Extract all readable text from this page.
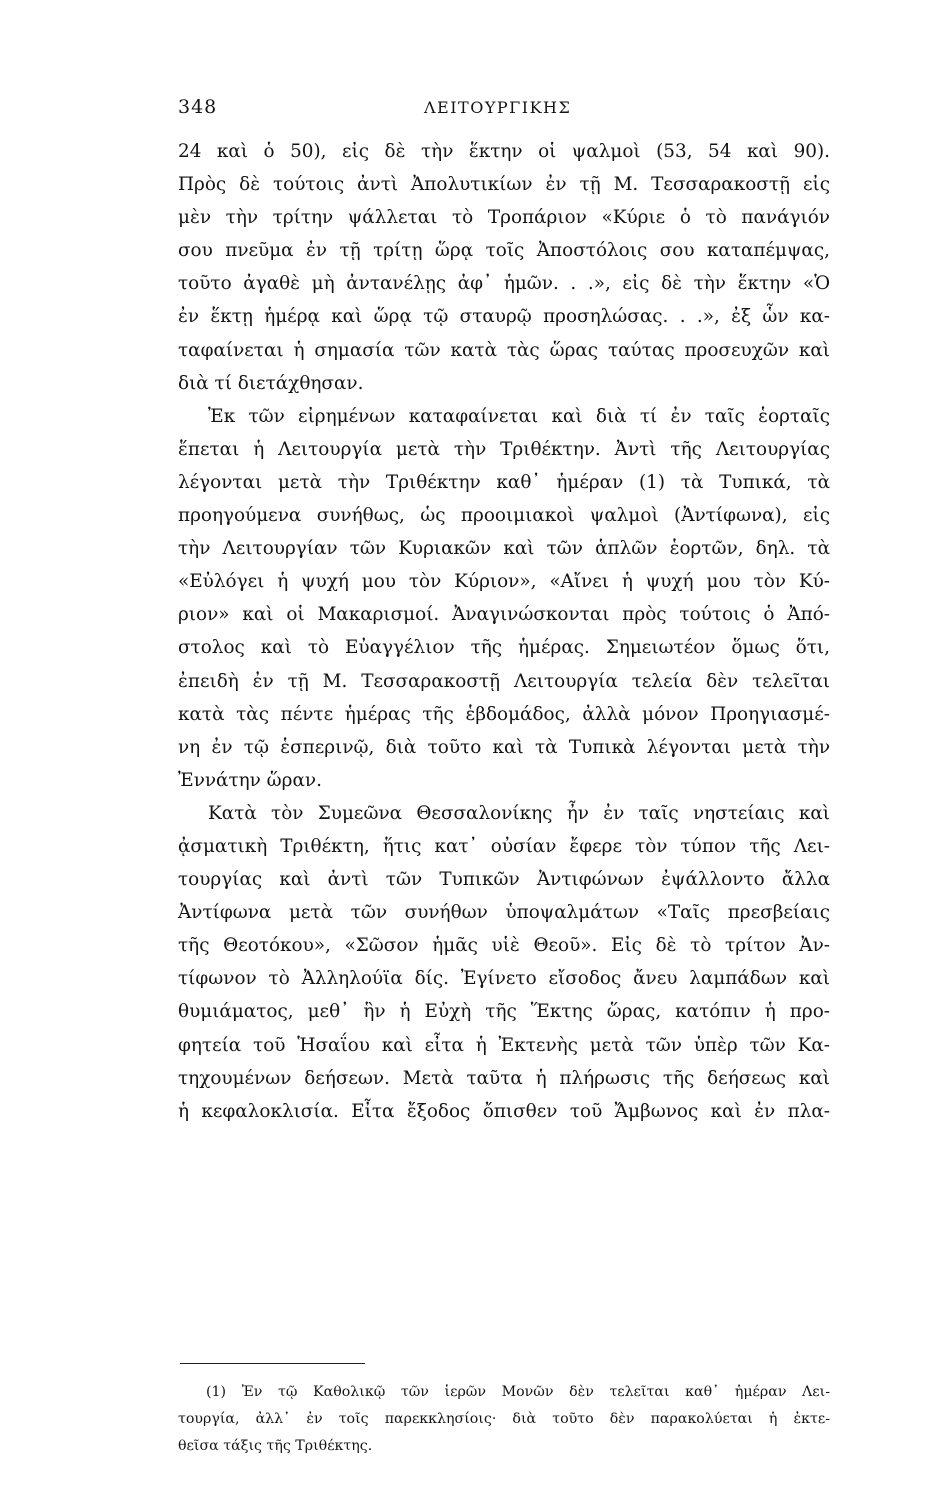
348	ΛΕΙΤΟΥΡΓΙΚΗΣ
24 καὶ ὁ 50), εἰς δὲ τὴν ἕκτην οἱ ψαλμοὶ (53, 54 καὶ 90).
Πρὸς δὲ τούτοις ἀντὶ Ἀπολυτικίων ἐν τῇ Μ. Τεσσαρακοστῇ εἰς
μὲν τὴν τρίτην ψάλλεται τὸ Τροπάριον «Κύριε ὁ τὸ πανάγιόν
σου πνεῦμα ἐν τῇ τρίτῃ ὥρᾳ τοῖς Ἀποστόλοις σου καταπέμψας,
τοῦτο ἀγαθὲ μὴ ἀντανέλῃς ἀφ᾿ ἡμῶν. . .», εἰς δὲ τὴν ἕκτην «Ὁ
ἐν ἕκτῃ ἡμέρᾳ καὶ ὥρᾳ τῷ σταυρῷ προσηλώσας. . .», ἐξ ὧν κα-
ταφαίνεται ἡ σημασία τῶν κατὰ τὰς ὥρας ταύτας προσευχῶν καὶ
διὰ τί διετάχθησαν.
Ἐκ τῶν εἰρημένων καταφαίνεται καὶ διὰ τί ἐν ταῖς ἑορταῖς
ἕπεται ἡ Λειτουργία μετὰ τὴν Τριθέκτην. Ἀντὶ τῆς Λειτουργίας
λέγονται μετὰ τὴν Τριθέκτην καθ᾿ ἡμέραν (1) τὰ Τυπικά, τὰ
προηγούμενα συνήθως, ὡς προοιμιακοὶ ψαλμοὶ (Ἀντίφωνα), εἰς
τὴν Λειτουργίαν τῶν Κυριακῶν καὶ τῶν ἁπλῶν ἑορτῶν, δηλ. τὰ
«Εὐλόγει ἡ ψυχή μου τὸν Κύριον», «Αἴνει ἡ ψυχή μου τὸν Κύ-
ριον» καὶ οἱ Μακαρισμοί. Ἀναγινώσκονται πρὸς τούτοις ὁ Ἀπό-
στολος καὶ τὸ Εὐαγγέλιον τῆς ἡμέρας. Σημειωτέον ὅμως ὅτι,
ἐπειδὴ ἐν τῇ Μ. Τεσσαρακοστῇ Λειτουργία τελεία δὲν τελεῖται
κατὰ τὰς πέντε ἡμέρας τῆς ἑβδομάδος, ἀλλὰ μόνον Προηγιασμέ-
νη ἐν τῷ ἑσπερινῷ, διὰ τοῦτο καὶ τὰ Τυπικὰ λέγονται μετὰ τὴν
Ἐννάτην ὥραν.
Κατὰ τὸν Συμεῶνα Θεσσαλονίκης ἦν ἐν ταῖς νηστείαις καὶ
ᾀσματικὴ Τριθέκτη, ἥτις κατ᾿ οὐσίαν ἔφερε τὸν τύπον τῆς Λει-
τουργίας καὶ ἀντὶ τῶν Τυπικῶν Ἀντιφώνων ἐψάλλοντο ἄλλα
Ἀντίφωνα μετὰ τῶν συνήθων ὑποψαλμάτων «Ταῖς πρεσβείαις
τῆς Θεοτόκου», «Σῶσον ἡμᾶς υἱὲ Θεοῦ». Εἰς δὲ τὸ τρίτον Ἀν-
τίφωνον τὸ Ἀλληλούϊα δίς. Ἐγίνετο εἴσοδος ἄνευ λαμπάδων καὶ
θυμιάματος, μεθ᾿ ἣν ἡ Εὐχὴ τῆς Ἕκτης ὥρας, κατόπιν ἡ προ-
φητεία τοῦ Ἡσαΐου καὶ εἶτα ἡ Ἐκτενὴς μετὰ τῶν ὑπὲρ τῶν Κα-
τηχουμένων δεήσεων. Μετὰ ταῦτα ἡ πλήρωσις τῆς δεήσεως καὶ
ἡ κεφαλοκλισία. Εἶτα ἔξοδος ὄπισθεν τοῦ Ἄμβωνος καὶ ἐν πλα-
(1) Ἐν τῷ Καθολικῷ τῶν ἱερῶν Μονῶν δὲν τελεῖται καθ᾿ ἡμέραν Λει-
τουργία, ἀλλ᾿ ἐν τοῖς παρεκκλησίοις· διὰ τοῦτο δὲν παρακολύεται ἡ ἐκτε-
θεῖσα τάξις τῆς Τριθέκτης.
